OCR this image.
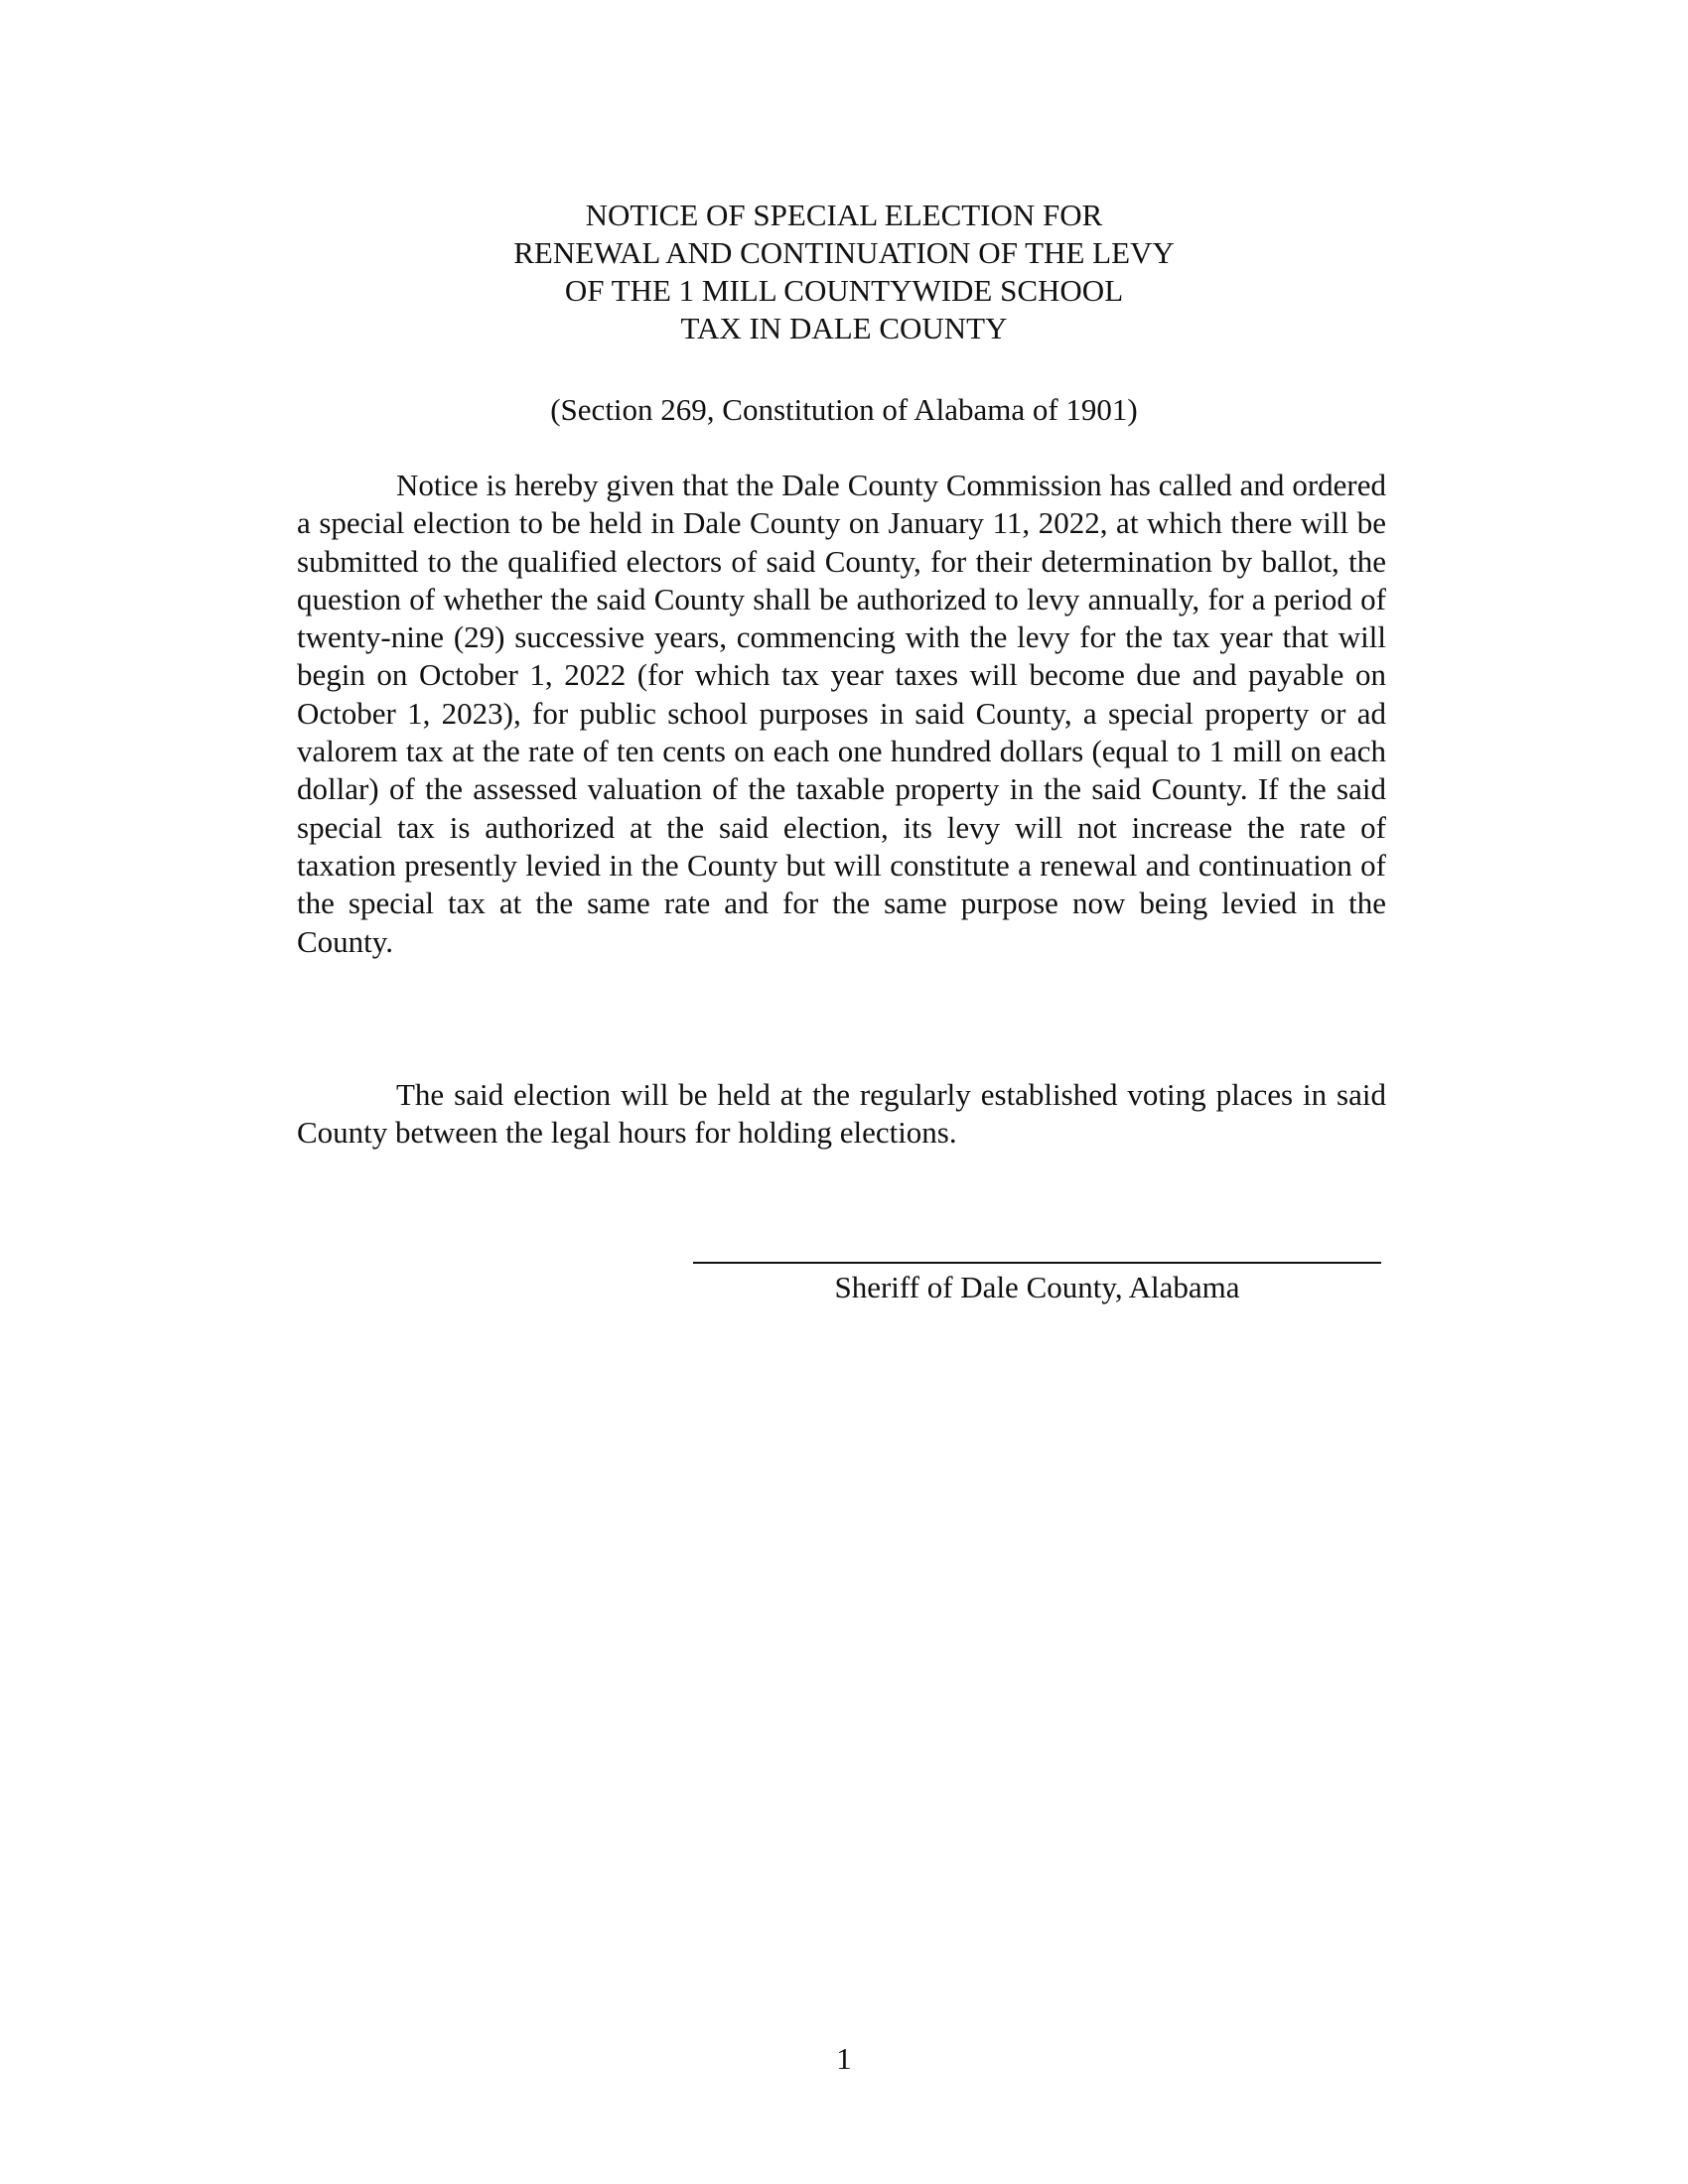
NOTICE OF SPECIAL ELECTION FOR
RENEWAL AND CONTINUATION OF THE LEVY
OF THE 1 MILL COUNTYWIDE SCHOOL
TAX IN DALE COUNTY
(Section 269, Constitution of Alabama of 1901)

Notice is hereby given that the Dale County Commission has called and ordered a special election to be held in Dale County on January 11, 2022, at which there will be submitted to the qualified electors of said County, for their determination by ballot, the question of whether the said County shall be authorized to levy annually, for a period of twenty-nine (29) successive years, commencing with the levy for the tax year that will begin on October 1, 2022 (for which tax year taxes will become due and payable on October 1, 2023), for public school purposes in said County, a special property or ad valorem tax at the rate of ten cents on each one hundred dollars (equal to 1 mill on each dollar) of the assessed valuation of the taxable property in the said County. If the said special tax is authorized at the said election, its levy will not increase the rate of taxation presently levied in the County but will constitute a renewal and continuation of the special tax at the same rate and for the same purpose now being levied in the County.

The said election will be held at the regularly established voting places in said County between the legal hours for holding elections.

Sheriff of Dale County, Alabama
1
